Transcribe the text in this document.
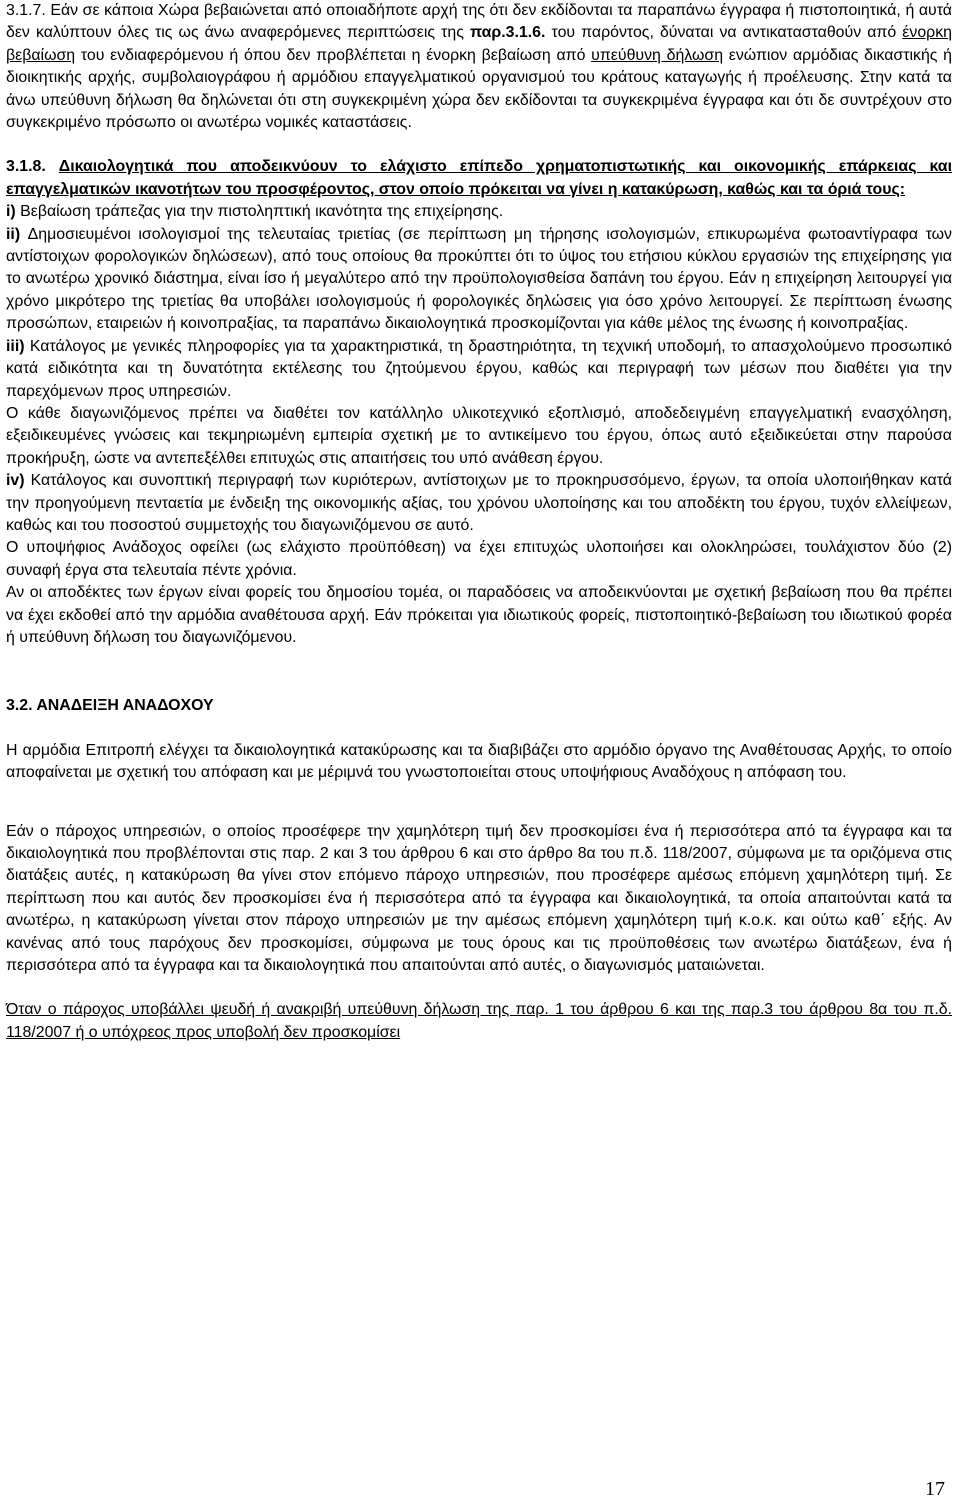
3.1.7. Εάν σε κάποια Χώρα βεβαιώνεται από οποιαδήποτε αρχή της ότι δεν εκδίδονται τα παραπάνω έγγραφα ή πιστοποιητικά, ή αυτά δεν καλύπτουν όλες τις ως άνω αναφερόμενες περιπτώσεις της παρ.3.1.6. του παρόντος, δύναται να αντικατασταθούν από ένορκη βεβαίωση του ενδιαφερόμενου ή όπου δεν προβλέπεται η ένορκη βεβαίωση από υπεύθυνη δήλωση ενώπιον αρμόδιας δικαστικής ή διοικητικής αρχής, συμβολαιογράφου ή αρμόδιου επαγγελματικού οργανισμού του κράτους καταγωγής ή προέλευσης. Στην κατά τα άνω υπεύθυνη δήλωση θα δηλώνεται ότι στη συγκεκριμένη χώρα δεν εκδίδονται τα συγκεκριμένα έγγραφα και ότι δε συντρέχουν στο συγκεκριμένο πρόσωπο οι ανωτέρω νομικές καταστάσεις.

3.1.8. Δικαιολογητικά που αποδεικνύουν το ελάχιστο επίπεδο χρηματοπιστωτικής και οικονομικής επάρκειας και επαγγελματικών ικανοτήτων του προσφέροντος, στον οποίο πρόκειται να γίνει η κατακύρωση, καθώς και τα όριά τους:

i) Βεβαίωση τράπεζας για την πιστοληπτική ικανότητα της επιχείρησης.

ii) Δημοσιευμένοι ισολογισμοί της τελευταίας τριετίας (σε περίπτωση μη τήρησης ισολογισμών, επικυρωμένα φωτοαντίγραφα των αντίστοιχων φορολογικών δηλώσεων), από τους οποίους θα προκύπτει ότι το ύψος του ετήσιου κύκλου εργασιών της επιχείρησης για το ανωτέρω χρονικό διάστημα, είναι ίσο ή μεγαλύτερο από την προϋπολογισθείσα δαπάνη του έργου. Εάν η επιχείρηση λειτουργεί για χρόνο μικρότερο της τριετίας θα υποβάλει ισολογισμούς ή φορολογικές δηλώσεις για όσο χρόνο λειτουργεί. Σε περίπτωση ένωσης προσώπων, εταιρειών ή κοινοπραξίας, τα παραπάνω δικαιολογητικά προσκομίζονται για κάθε μέλος της ένωσης ή κοινοπραξίας.

iii) Κατάλογος με γενικές πληροφορίες για τα χαρακτηριστικά, τη δραστηριότητα, τη τεχνική υποδομή, το απασχολούμενο προσωπικό κατά ειδικότητα και τη δυνατότητα εκτέλεσης του ζητούμενου έργου, καθώς και περιγραφή των μέσων που διαθέτει για την παρεχόμενων προς υπηρεσιών.

Ο κάθε διαγωνιζόμενος πρέπει να διαθέτει τον κατάλληλο υλικοτεχνικό εξοπλισμό, αποδεδειγμένη επαγγελματική ενασχόληση, εξειδικευμένες γνώσεις και τεκμηριωμένη εμπειρία σχετική με το αντικείμενο του έργου, όπως αυτό εξειδικεύεται στην παρούσα προκήρυξη, ώστε να αντεπεξέλθει επιτυχώς στις απαιτήσεις του υπό ανάθεση έργου.

iv) Κατάλογος και συνοπτική περιγραφή των κυριότερων, αντίστοιχων με το πρoκηρυσσόμενο, έργων, τα οποία υλοποιήθηκαν κατά την προηγούμενη πενταετία με ένδειξη της οικονομικής αξίας, του χρόνου υλοποίησης και του αποδέκτη του έργου, τυχόν ελλείψεων, καθώς και του ποσοστού συμμετοχής του διαγωνιζόμενου σε αυτό.

Ο υποψήφιος Ανάδοχος οφείλει (ως ελάχιστο πρoϋπόθεση) να έχει επιτυχώς υλοποιήσει και ολοκληρώσει, τουλάχιστον δύο (2) συναφή έργα στα τελευταία πέντε χρόνια.

Αν οι αποδέκτες των έργων είναι φορείς του δημοσίου τομέα, οι παραδόσεις να αποδεικνύονται με σχετική βεβαίωση που θα πρέπει να έχει εκδοθεί από την αρμόδια αναθέτουσα αρχή. Εάν πρόκειται για ιδιωτικούς φορείς, πιστοποιητικό-βεβαίωση του ιδιωτικού φορέα ή υπεύθυνη δήλωση του διαγωνιζόμενου.

3.2. ΑΝΑΔΕΙΞΗ ΑΝΑΔΟΧΟΥ

Η αρμόδια Επιτροπή ελέγχει τα δικαιολογητικά κατακύρωσης και τα διαβιβάζει στο αρμόδιο όργανο της Αναθέτουσας Αρχής, το οποίο αποφαίνεται με σχετική του απόφαση και με μέριμνά του γνωστοποιείται στους υποψήφιους Αναδόχους η απόφαση του.

Εάν ο πάροχος υπηρεσιών, ο οποίος προσέφερε την χαμηλότερη τιμή δεν προσκομίσει ένα ή περισσότερα από τα έγγραφα και τα δικαιολογητικά που προβλέπονται στις παρ. 2 και 3 του άρθρου 6 και στο άρθρο 8α του π.δ. 118/2007, σύμφωνα με τα οριζόμενα στις διατάξεις αυτές, η κατακύρωση θα γίνει στον επόμενο πάροχο υπηρεσιών, που προσέφερε αμέσως επόμενη χαμηλότερη τιμή. Σε περίπτωση που και αυτός δεν προσκομίσει ένα ή περισσότερα από τα έγγραφα και δικαιολογητικά, τα οποία απαιτούνται κατά τα ανωτέρω, η κατακύρωση γίνεται στον πάροχο υπηρεσιών με την αμέσως επόμενη χαμηλότερη τιμή κ.ο.κ. και ούτω καθ΄ εξής. Αν κανένας από τους παρόχους δεν προσκομίσει, σύμφωνα με τους όρους και τις προϋποθέσεις των ανωτέρω διατάξεων, ένα ή περισσότερα από τα έγγραφα και τα δικαιολογητικά που απαιτούνται από αυτές, ο διαγωνισμός ματαιώνεται.

Όταν ο πάροχος υποβάλλει ψευδή ή ανακριβή υπεύθυνη δήλωση της παρ. 1 του άρθρου 6 και της παρ.3 του άρθρου 8α του π.δ. 118/2007 ή ο υπόχρεος προς υποβολή δεν προσκομίσει

17
